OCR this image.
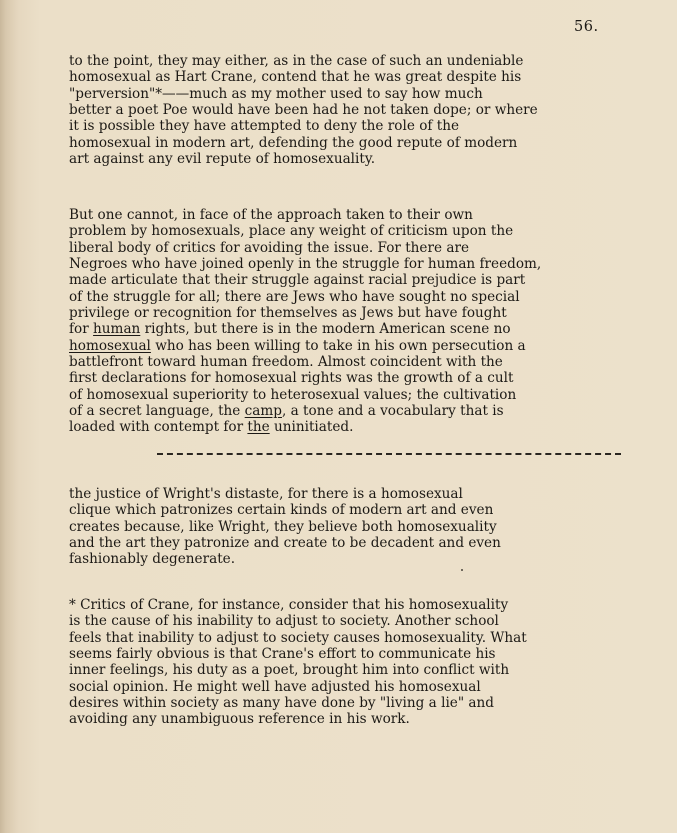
56.

to the point, they may either, as in the case of such an undeniable
homosexual as Hart Crane, contend that he was great despite his
"perversion"*——much as my mother used to say how much
better a poet Poe would have been had he not taken dope; or where
it is possible they have attempted to deny the role of the
homosexual in modern art, defending the good repute of modern
art against any evil repute of homosexuality.

But one cannot, in face of the approach taken to their own
problem by homosexuals, place any weight of criticism upon the
liberal body of critics for avoiding the issue. For there are
Negroes who have joined openly in the struggle for human freedom,
made articulate that their struggle against racial prejudice is part
of the struggle for all; there are Jews who have sought no special
privilege or recognition for themselves as Jews but have fought
for human rights, but there is in the modern American scene no
homosexual who has been willing to take in his own persecution a
battlefront toward human freedom. Almost coincident with the
first declarations for homosexual rights was the growth of a cult
of homosexual superiority to heterosexual values; the cultivation
of a secret language, the camp, a tone and a vocabulary that is
loaded with contempt for the uninitiated.

the justice of Wright's distaste, for there is a homosexual
clique which patronizes certain kinds of modern art and even
creates because, like Wright, they believe both homosexuality
and the art they patronize and create to be decadent and even
fashionably degenerate.

* Critics of Crane, for instance, consider that his homosexuality
is the cause of his inability to adjust to society. Another school
feels that inability to adjust to society causes homosexuality. What
seems fairly obvious is that Crane's effort to communicate his
inner feelings, his duty as a poet, brought him into conflict with
social opinion. He might well have adjusted his homosexual
desires within society as many have done by "living a lie" and
avoiding any unambiguous reference in his work.
